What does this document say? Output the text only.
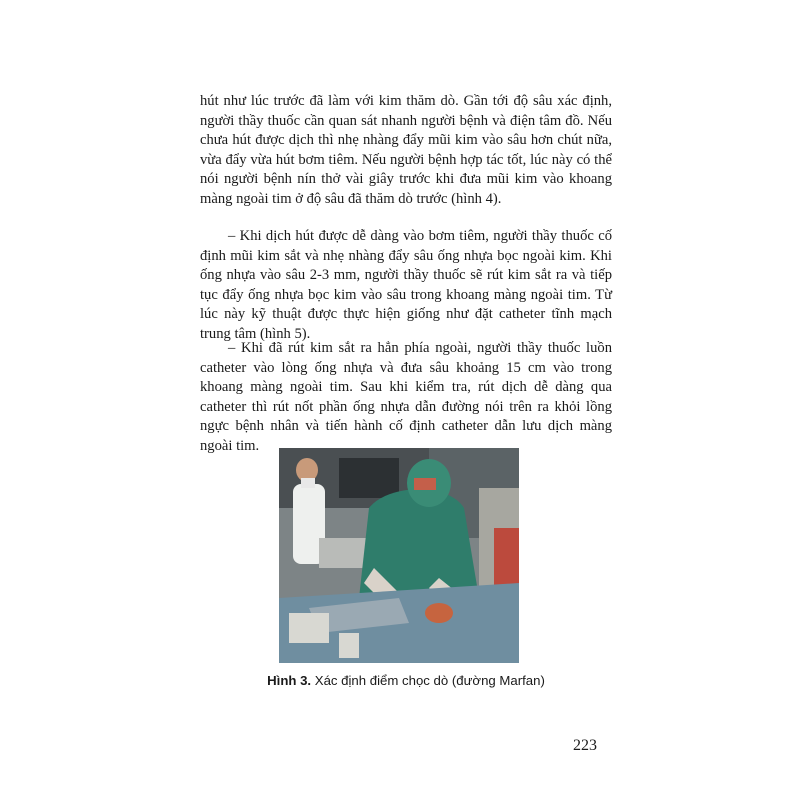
hút như lúc trước đã làm với kim thăm dò. Gần tới độ sâu xác định, người thầy thuốc cần quan sát nhanh người bệnh và điện tâm đồ. Nếu chưa hút được dịch thì nhẹ nhàng đẩy mũi kim vào sâu hơn chút nữa, vừa đẩy vừa hút bơm tiêm. Nếu người bệnh hợp tác tốt, lúc này có thể nói người bệnh nín thở vài giây trước khi đưa mũi kim vào khoang màng ngoài tim ở độ sâu đã thăm dò trước (hình 4).

– Khi dịch hút được dễ dàng vào bơm tiêm, người thầy thuốc cố định mũi kim sắt và nhẹ nhàng đẩy sâu ống nhựa bọc ngoài kim. Khi ống nhựa vào sâu 2-3 mm, người thầy thuốc sẽ rút kim sắt ra và tiếp tục đẩy ống nhựa bọc kim vào sâu trong khoang màng ngoài tim. Từ lúc này kỹ thuật được thực hiện giống như đặt catheter tĩnh mạch trung tâm (hình 5).

– Khi đã rút kim sắt ra hẳn phía ngoài, người thầy thuốc luồn catheter vào lòng ống nhựa và đưa sâu khoảng 15 cm vào trong khoang màng ngoài tim. Sau khi kiểm tra, rút dịch dễ dàng qua catheter thì rút nốt phần ống nhựa dẫn đường nói trên ra khỏi lồng ngực bệnh nhân và tiến hành cố định catheter dẫn lưu dịch màng ngoài tim.

Hình 3. Xác định điểm chọc dò (đường Marfan)
223
